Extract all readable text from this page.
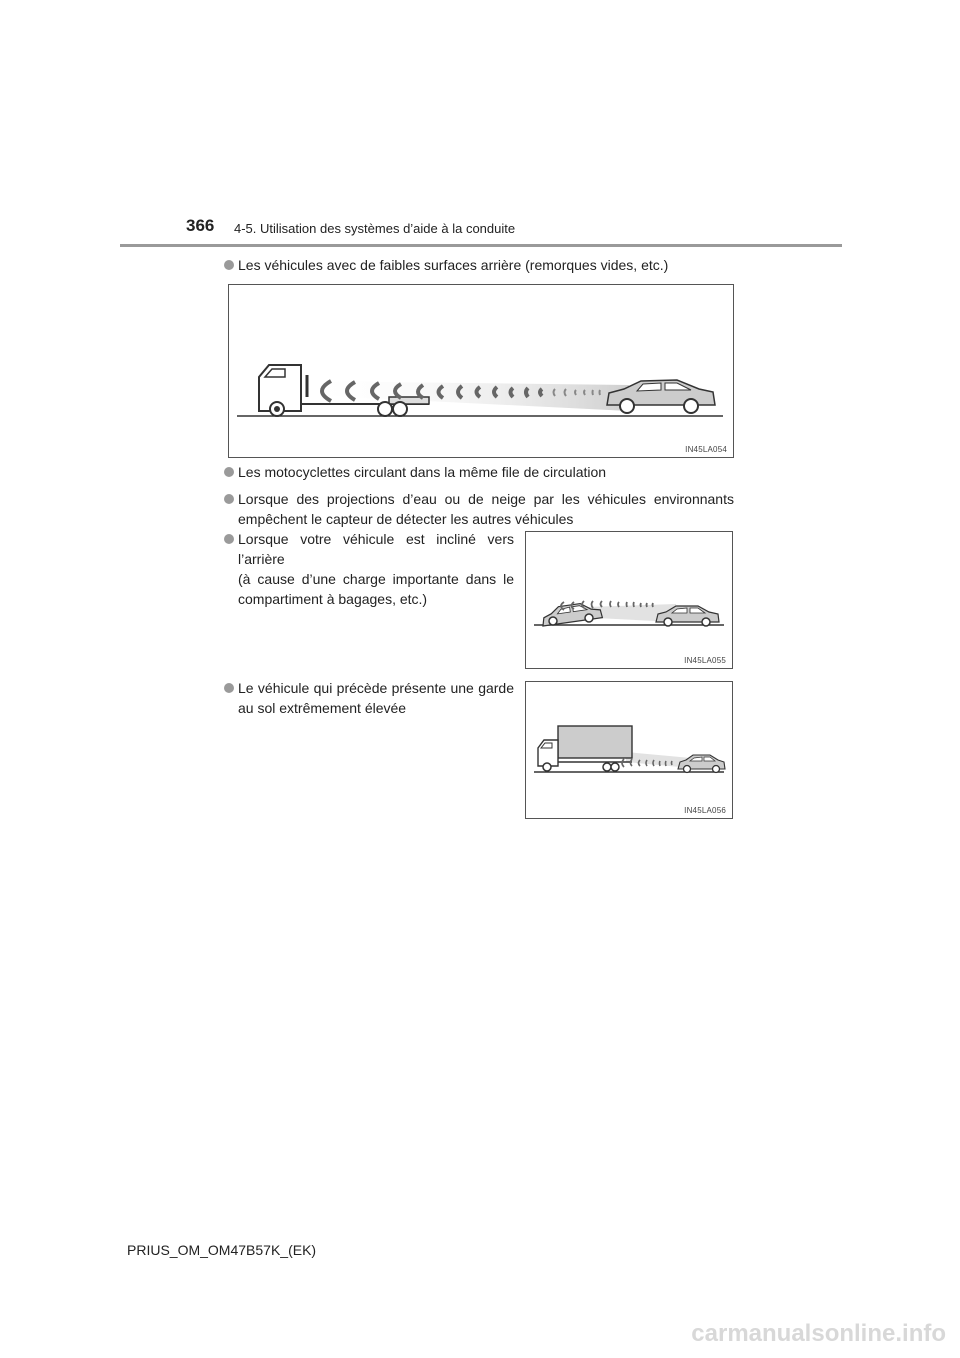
366 4-5. Utilisation des systèmes d’aide à la conduite
Les véhicules avec de faibles surfaces arrière (remorques vides, etc.)
IN45LA054
Les motocyclettes circulant dans la même file de circulation
Lorsque des projections d’eau ou de neige par les véhicules environnants empêchent le capteur de détecter les autres véhicules
Lorsque votre véhicule est incliné vers l’arrière
(à cause d’une charge importante dans le compartiment à bagages, etc.)
IN45LA055
Le véhicule qui précède présente une garde au sol extrêmement élevée
IN45LA056
PRIUS_OM_OM47B57K_(EK)
carmanualsonline.info
